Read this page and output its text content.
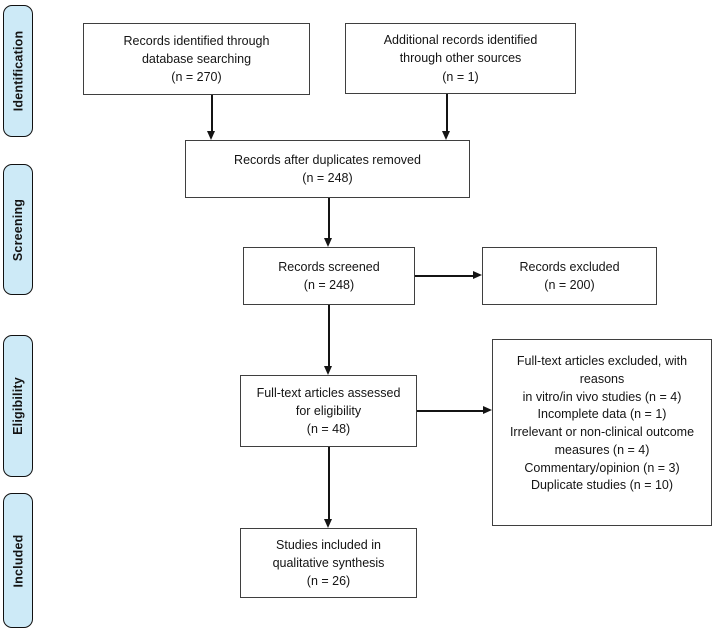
Identification
Screening
Eligibility
Included
Records identified through
database searching
(n = 270)
Additional records identified
through other sources
(n = 1)
Records after duplicates removed
(n = 248)
Records screened
(n = 248)
Records excluded
(n = 200)
Full-text articles assessed
for eligibility
(n = 48)
Full-text articles excluded, with
reasons
in vitro/in vivo studies (n = 4)
Incomplete data (n = 1)
Irrelevant or non-clinical outcome
measures (n = 4)
Commentary/opinion (n = 3)
Duplicate studies (n = 10)
Studies included in
qualitative synthesis
(n = 26)
